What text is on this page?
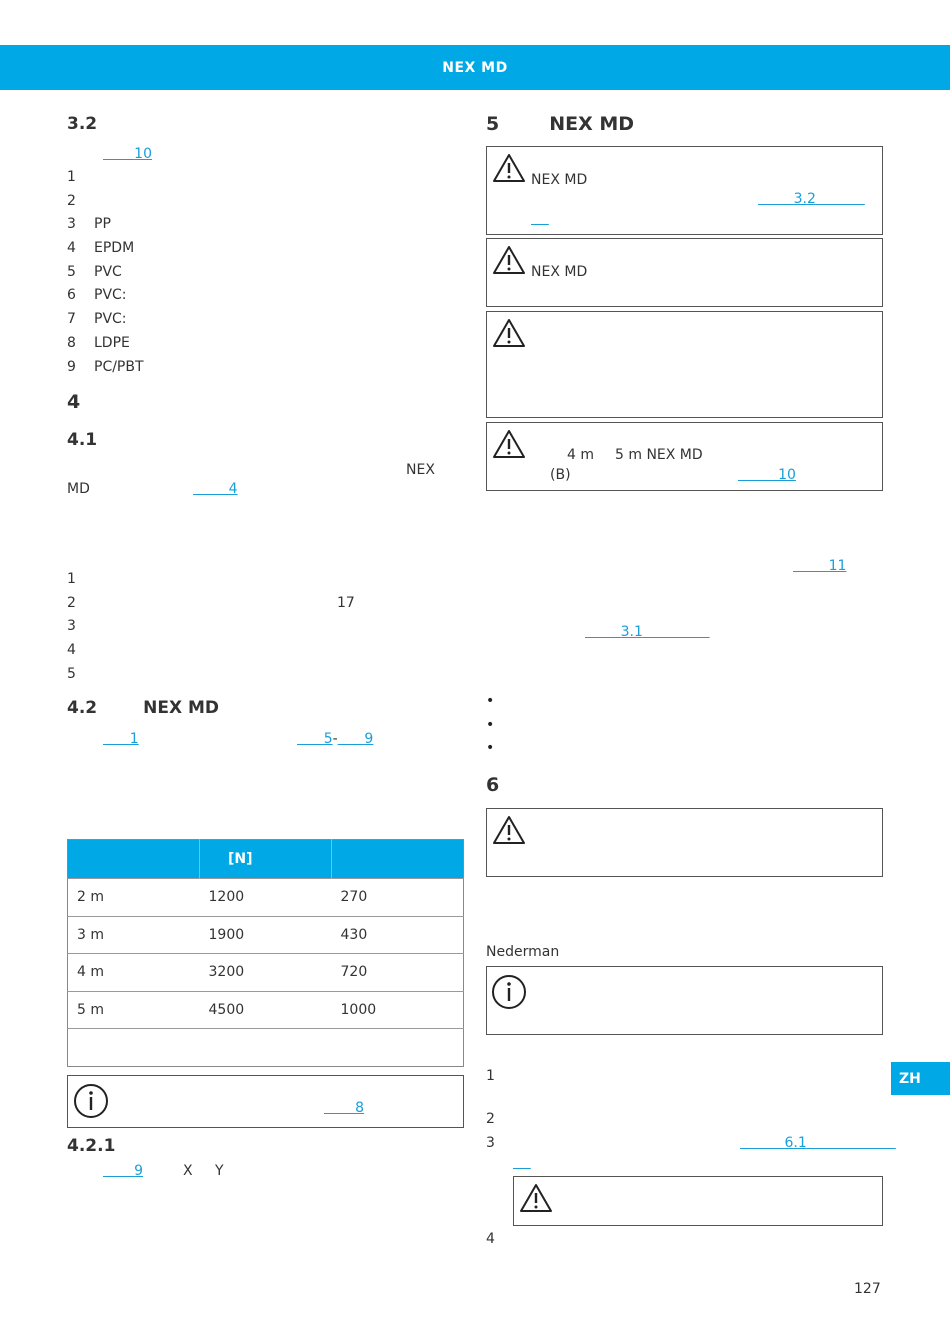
NEX MD
3.2
10
1
2
3 PP
4 EPDM
5 PVC
6 PVC:
7 PVC:
8 LDPE
9 PC/PBT
4
4.1
NEX
MD	4
1
2	17
3
4
5
4.2	NEX MD
1	5- 9
	[N]	
2 m	1200	270
3 m	1900	430
4 m	3200	720
5 m	4500	1000

8
4.2.1
9	X Y
5	NEX MD
NEX MD
3.2

NEX MD
4 m 5 m NEX MD
(B)	10
11
3.1
•
•
•
6
Nederman
1
2
3	6.1

4
ZH
127
